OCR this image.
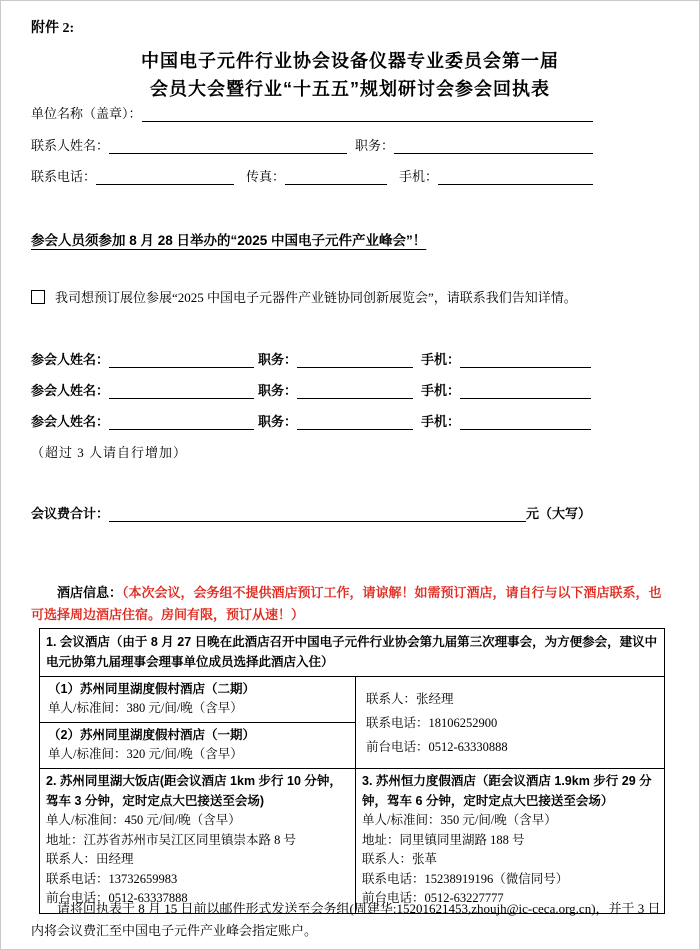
附件 2:
中国电子元件行业协会设备仪器专业委员会第一届
会员大会暨行业“十五五”规划研讨会参会回执表
单位名称（盖章）：
联系人姓名：	职务：
联系电话：	传真：	手机：
参会人员须参加 8 月 28 日举办的“2025 中国电子元件产业峰会”！
我司想预订展位参展“2025 中国电子元器件产业链协同创新展览会”，请联系我们告知详情。
参会人姓名：	职务：	手机：
参会人姓名：	职务：	手机：
参会人姓名：	职务：	手机：
（超过 3 人请自行增加）
会议费合计：	元（大写）
酒店信息：（本次会议，会务组不提供酒店预订工作，请谅解！如需预订酒店，请自行与以下酒店联系，也可选择周边酒店住宿。房间有限，预订从速！）
1. 会议酒店（由于 8 月 27 日晚在此酒店召开中国电子元件行业协会第九届第三次理事会，为方便参会，建议中电元协第九届理事会理事单位成员选择此酒店入住）
（1）苏州同里湖度假村酒店（二期）
单人/标准间：380 元/间/晚（含早）
（2）苏州同里湖度假村酒店（一期）
单人/标准间：320 元/间/晚（含早）
联系人：张经理
联系电话：18106252900
前台电话：0512-63330888
2. 苏州同里湖大饭店(距会议酒店 1km 步行 10 分钟，驾车 3 分钟，定时定点大巴接送至会场)
单人/标准间：450 元/间/晚（含早）
地址：江苏省苏州市吴江区同里镇崇本路 8 号
联系人：田经理
联系电话：13732659983
前台电话：0512-63337888
3. 苏州恒力度假酒店（距会议酒店 1.9km 步行 29 分钟，驾车 6 分钟，定时定点大巴接送至会场）
单人/标准间：350 元/间/晚（含早）
地址：同里镇同里湖路 188 号
联系人：张革
联系电话：15238919196（微信同号）
前台电话：0512-63227777
请将回执表于 8 月 15 日前以邮件形式发送至会务组(周建华:15201621453,zhoujh@ic-ceca.org.cn)，并于 3 日内将会议费汇至中国电子元件产业峰会指定账户。
